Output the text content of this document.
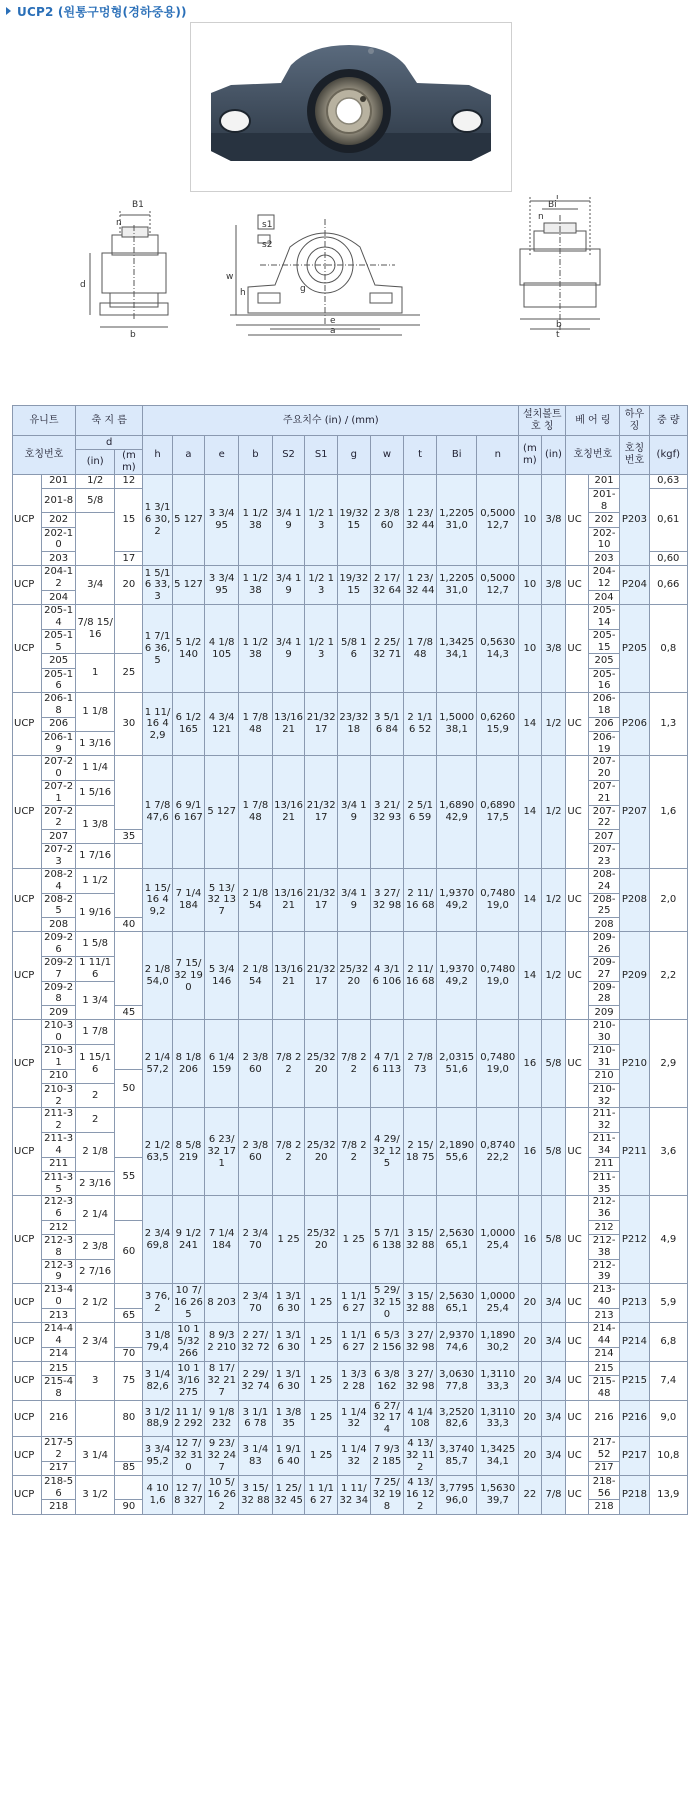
UCP2 (원통구멍형(경하중용))
B1
n
d
b
w
h
s1
s2
g
e
a
l
Bi
n
b
t
유니트		축 지 름		주요치수 (in) / (mm)											설치볼트 호 칭		베 어 링		하우징	중 량
호칭번호		d		h	a	e	b	S2	S1	g	w	t	Bi	n	(mm)	(in)	호칭번호		호칭 번호	(kgf)
		(in)	(mm)																	
UCP	201	1/2	12	1 3/16 30,2	5 127	3 3/4 95	1 1/2 38	3/4 19	1/2 13	19/32 15	2 3/8 60	1 23/32 44	1,2205 31,0	0,5000 12,7	10	3/8	UC	201	P203	0,63
	201-8	5/8	15															201-8		0,61
	202																	202		
	202-10																	202-10		
	203		17															203		0,60
UCP	204-12	3/4	20	1 5/16 33,3	5 127	3 3/4 95	1 1/2 38	3/4 19	1/2 13	19/32 15	2 17/32 64	1 23/32 44	1,2205 31,0	0,5000 12,7	10	3/8	UC	204-12	P204	0,66
	204																	204		
UCP	205-14	7/8 15/16		1 7/16 36,5	5 1/2 140	4 1/8 105	1 1/2 38	3/4 19	1/2 13	5/8 16	2 25/32 71	1 7/8 48	1,3425 34,1	0,5630 14,3	10	3/8	UC	205-14	P205	0,8
	205-15																	205-15		
	205	1	25															205		
	205-16																	205-16		
UCP	206-18	1 1/8	30	1 11/16 42,9	6 1/2 165	4 3/4 121	1 7/8 48	13/16 21	21/32 17	23/32 18	3 5/16 84	2 1/16 52	1,5000 38,1	0,6260 15,9	14	1/2	UC	206-18	P206	1,3
	206																	206		
	206-19	1 3/16																206-19		
UCP	207-20	1 1/4		1 7/8 47,6	6 9/16 167	5 127	1 7/8 48	13/16 21	21/32 17	3/4 19	3 21/32 93	2 5/16 59	1,6890 42,9	0,6890 17,5	14	1/2	UC	207-20	P207	1,6
	207-21	1 5/16																207-21		
	207-22	1 3/8																207-22		
	207		35															207		
	207-23	1 7/16																207-23		
UCP	208-24	1 1/2		1 15/16 49,2	7 1/4 184	5 13/32 137	2 1/8 54	13/16 21	21/32 17	3/4 19	3 27/32 98	2 11/16 68	1,9370 49,2	0,7480 19,0	14	1/2	UC	208-24	P208	2,0
	208-25	1 9/16																208-25		
	208		40															208		
UCP	209-26	1 5/8		2 1/8 54,0	7 15/32 190	5 3/4 146	2 1/8 54	13/16 21	21/32 17	25/32 20	4 3/16 106	2 11/16 68	1,9370 49,2	0,7480 19,0	14	1/2	UC	209-26	P209	2,2
	209-27	1 11/16																209-27		
	209-28	1 3/4																209-28		
	209		45															209		
UCP	210-30	1 7/8		2 1/4 57,2	8 1/8 206	6 1/4 159	2 3/8 60	7/8 22	25/32 20	7/8 22	4 7/16 113	2 7/8 73	2,0315 51,6	0,7480 19,0	16	5/8	UC	210-30	P210	2,9
	210-31	1 15/16																210-31		
	210		50															210		
	210-32	2																210-32		
UCP	211-32	2		2 1/2 63,5	8 5/8 219	6 23/32 171	2 3/8 60	7/8 22	25/32 20	7/8 22	4 29/32 125	2 15/18 75	2,1890 55,6	0,8740 22,2	16	5/8	UC	211-32	P211	3,6
	211-34	2 1/8																211-34		
	211		55															211		
	211-35	2 3/16																211-35		
UCP	212-36	2 1/4		2 3/4 69,8	9 1/2 241	7 1/4 184	2 3/4 70	1 25	25/32 20	1 25	5 7/16 138	3 15/32 88	2,5630 65,1	1,0000 25,4	16	5/8	UC	212-36	P212	4,9
	212		60															212		
	212-38	2 3/8																212-38		
	212-39	2 7/16																212-39		
UCP	213-40	2 1/2		3 76,2	10 7/16 265	8 203	2 3/4 70	1 3/16 30	1 25	1 1/16 27	5 29/32 150	3 15/32 88	2,5630 65,1	1,0000 25,4	20	3/4	UC	213-40	P213	5,9
	213		65															213		
UCP	214-44	2 3/4		3 1/8 79,4	10 15/32 266	8 9/32 210	2 27/32 72	1 3/16 30	1 25	1 1/16 27	6 5/32 156	3 27/32 98	2,9370 74,6	1,1890 30,2	20	3/4	UC	214-44	P214	6,8
	214		70															214		
UCP	215	3	75	3 1/4 82,6	10 13/16 275	8 17/32 217	2 29/32 74	1 3/16 30	1 25	1 3/32 28	6 3/8 162	3 27/32 98	3,0630 77,8	1,3110 33,3	20	3/4	UC	215	P215	7,4
	215-48																	215-48		
UCP	216		80	3 1/2 88,9	11 1/2 292	9 1/8 232	3 1/16 78	1 3/8 35	1 25	1 1/4 32	6 27/32 174	4 1/4 108	3,2520 82,6	1,3110 33,3	20	3/4	UC	216	P216	9,0
UCP	217-52	3 1/4		3 3/4 95,2	12 7/32 310	9 23/32 247	3 1/4 83	1 9/16 40	1 25	1 1/4 32	7 9/32 185	4 13/32 112	3,3740 85,7	1,3425 34,1	20	3/4	UC	217-52	P217	10,8
	217		85															217		
UCP	218-56	3 1/2		4 101,6	12 7/8 327	10 5/16 262	3 15/32 88	1 25/32 45	1 1/16 27	1 11/32 34	7 25/32 198	4 13/16 122	3,7795 96,0	1,5630 39,7	22	7/8	UC	218-56	P218	13,9
	218		90															218		
